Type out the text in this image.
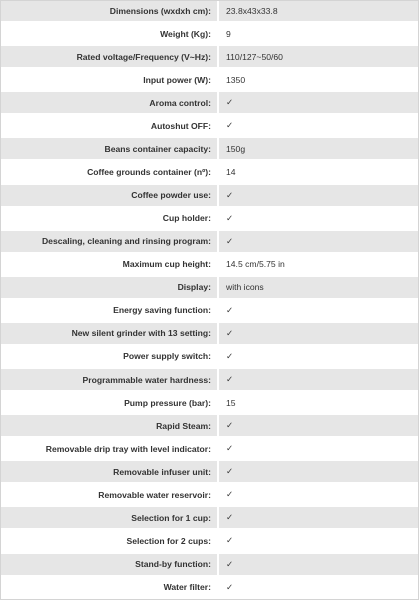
Dimensions (wxdxh cm):	23.8x43x33.8
Weight (Kg):	9
Rated voltage/Frequency (V~Hz):	110/127~50/60
Input power (W):	1350
Aroma control:	✓
Autoshut OFF:	✓
Beans container capacity:	150g
Coffee grounds container (nº):	14
Coffee powder use:	✓
Cup holder:	✓
Descaling, cleaning and rinsing program:	✓
Maximum cup height:	14.5 cm/5.75 in
Display:	with icons
Energy saving function:	✓
New silent grinder with 13 setting:	✓
Power supply switch:	✓
Programmable water hardness:	✓
Pump pressure (bar):	15
Rapid Steam:	✓
Removable drip tray with level indicator:	✓
Removable infuser unit:	✓
Removable water reservoir:	✓
Selection for 1 cup:	✓
Selection for 2 cups:	✓
Stand-by function:	✓
Water filter:	✓
